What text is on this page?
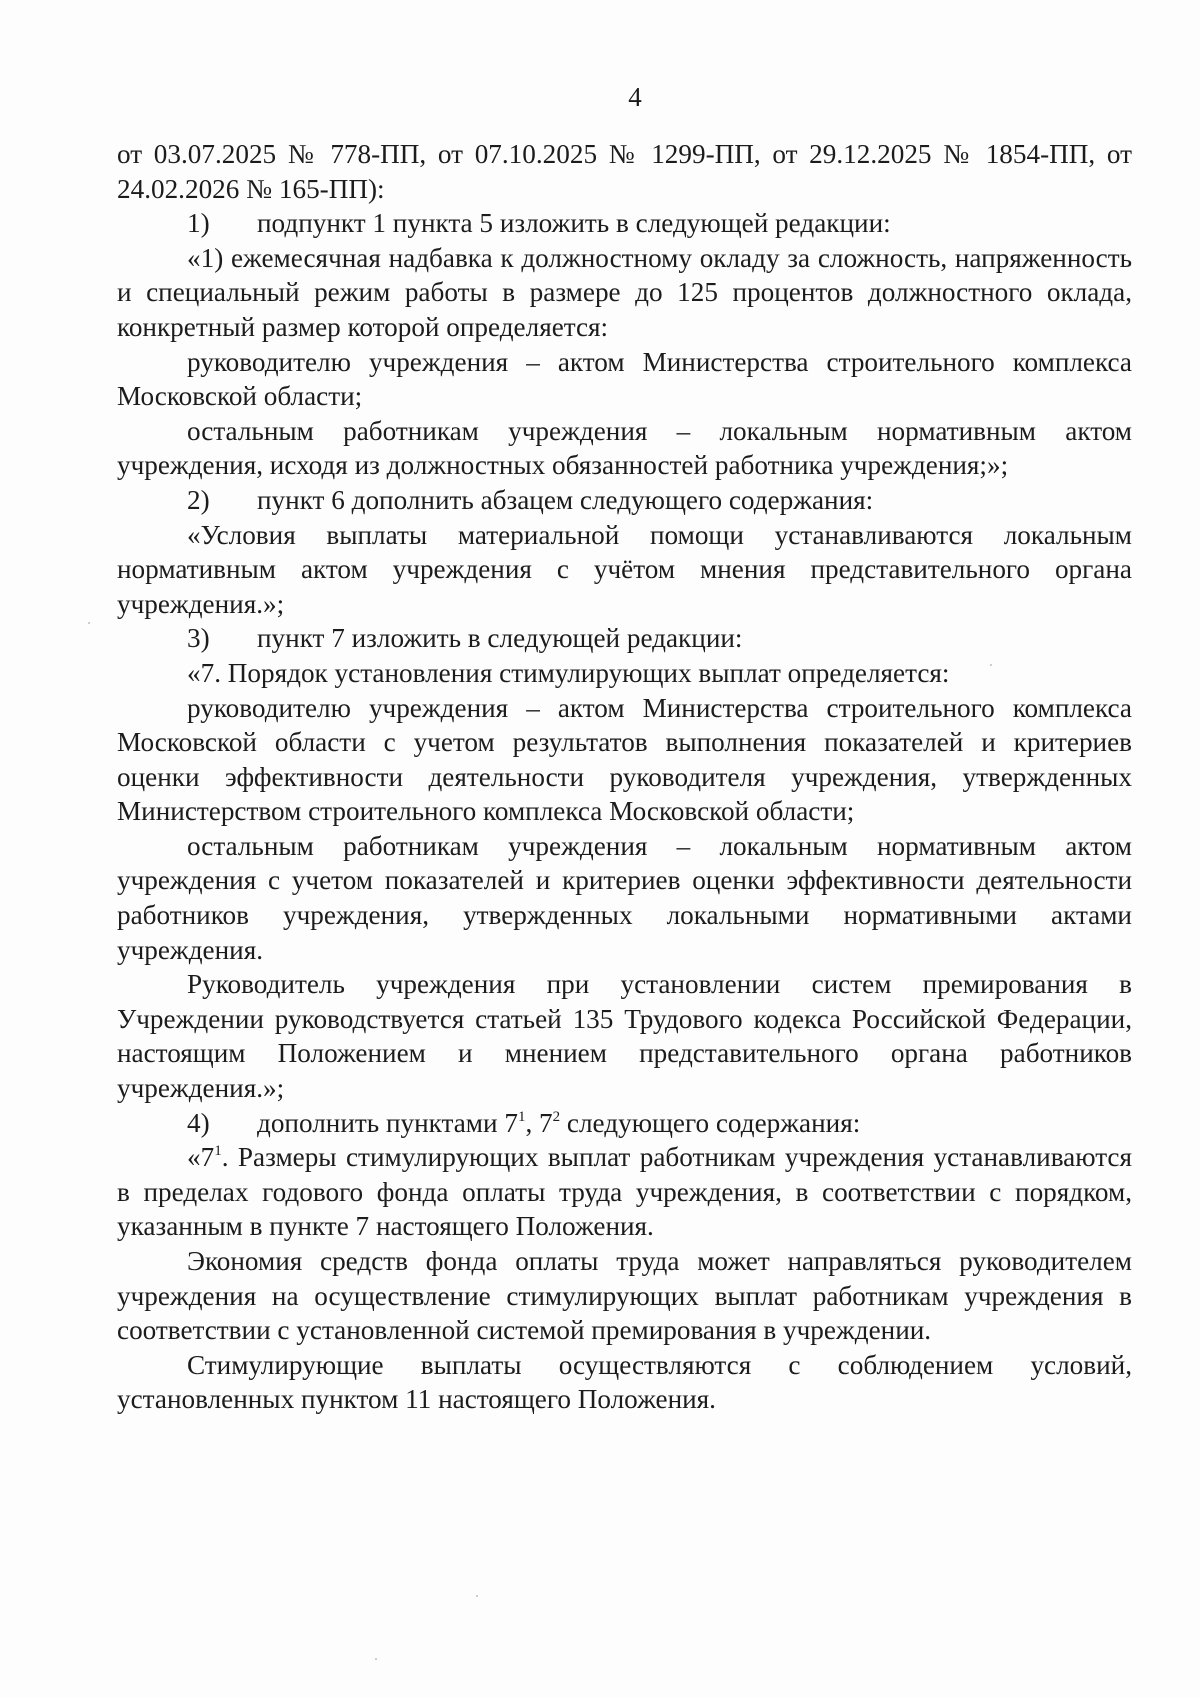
4

от 03.07.2025 № 778-ПП, от 07.10.2025 № 1299-ПП, от 29.12.2025 № 1854-ПП, от 24.02.2026 № 165-ПП):

1) подпункт 1 пункта 5 изложить в следующей редакции:

«1) ежемесячная надбавка к должностному окладу за сложность, напряженность и специальный режим работы в размере до 125 процентов должностного оклада, конкретный размер которой определяется:

руководителю учреждения – актом Министерства строительного комплекса Московской области;

остальным работникам учреждения – локальным нормативным актом учреждения, исходя из должностных обязанностей работника учреждения;»;

2) пункт 6 дополнить абзацем следующего содержания:

«Условия выплаты материальной помощи устанавливаются локальным нормативным актом учреждения с учётом мнения представительного органа учреждения.»;

3) пункт 7 изложить в следующей редакции:

«7. Порядок установления стимулирующих выплат определяется:

руководителю учреждения – актом Министерства строительного комплекса Московской области с учетом результатов выполнения показателей и критериев оценки эффективности деятельности руководителя учреждения, утвержденных Министерством строительного комплекса Московской области;

остальным работникам учреждения – локальным нормативным актом учреждения с учетом показателей и критериев оценки эффективности деятельности работников учреждения, утвержденных локальными нормативными актами учреждения.

Руководитель учреждения при установлении систем премирования в Учреждении руководствуется статьей 135 Трудового кодекса Российской Федерации, настоящим Положением и мнением представительного органа работников учреждения.»;

4) дополнить пунктами $7^1$, $7^2$ следующего содержания:

«$7^1$. Размеры стимулирующих выплат работникам учреждения устанавливаются в пределах годового фонда оплаты труда учреждения, в соответствии с порядком, указанным в пункте 7 настоящего Положения.

Экономия средств фонда оплаты труда может направляться руководителем учреждения на осуществление стимулирующих выплат работникам учреждения в соответствии с установленной системой премирования в учреждении.

Стимулирующие выплаты осуществляются с соблюдением условий, установленных пунктом 11 настоящего Положения.
